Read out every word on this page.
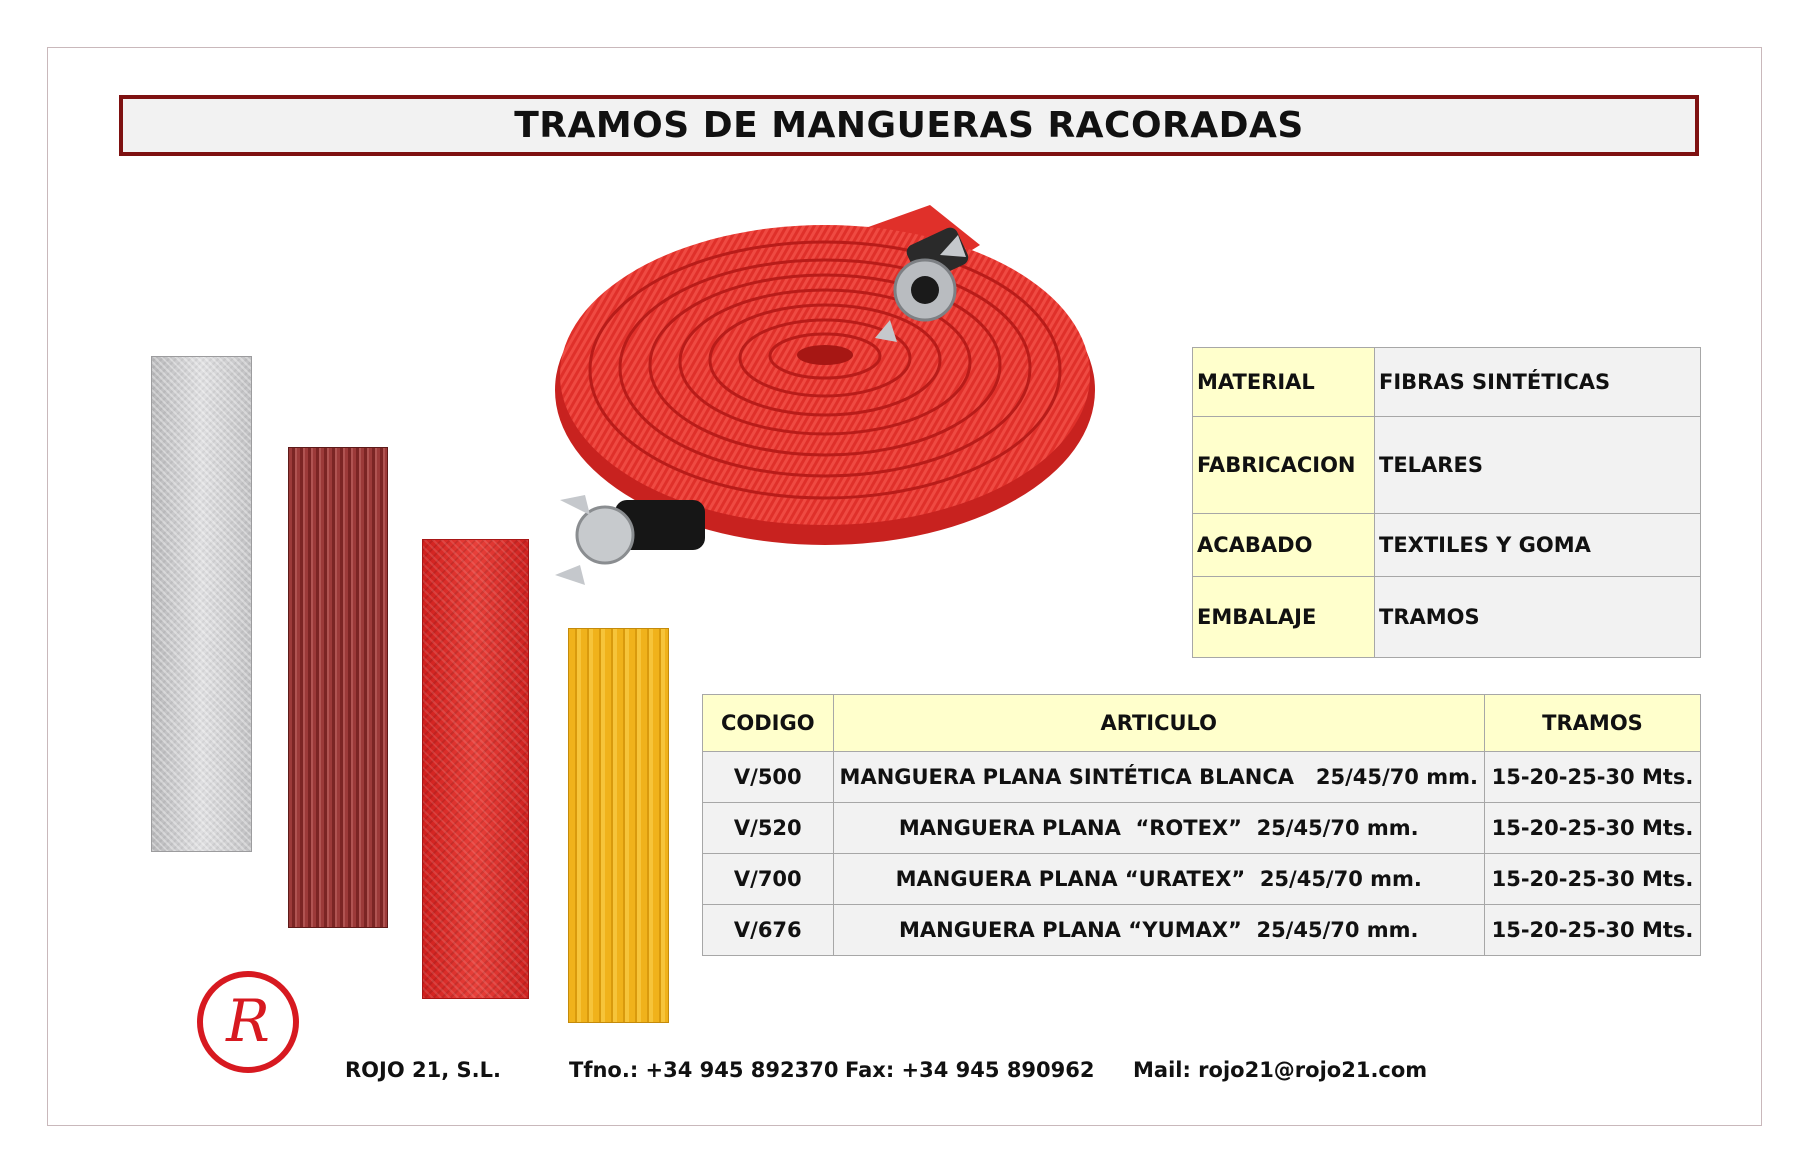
TRAMOS DE MANGUERAS RACORADAS
MATERIAL	FIBRAS SINTÉTICAS
FABRICACION	TELARES
ACABADO	TEXTILES Y GOMA
EMBALAJE	TRAMOS
CODIGO	ARTICULO	TRAMOS
V/500	MANGUERA PLANA SINTÉTICA BLANCA   25/45/70 mm.	15-20-25-30 Mts.
V/520	MANGUERA PLANA  “ROTEX”  25/45/70 mm.	15-20-25-30 Mts.
V/700	MANGUERA PLANA “URATEX”  25/45/70 mm.	15-20-25-30 Mts.
V/676	MANGUERA PLANA “YUMAX”  25/45/70 mm.	15-20-25-30 Mts.
R
ROJO 21, S.L.	Tfno.: +34 945 892370 Fax: +34 945 890962 Mail: rojo21@rojo21.com
